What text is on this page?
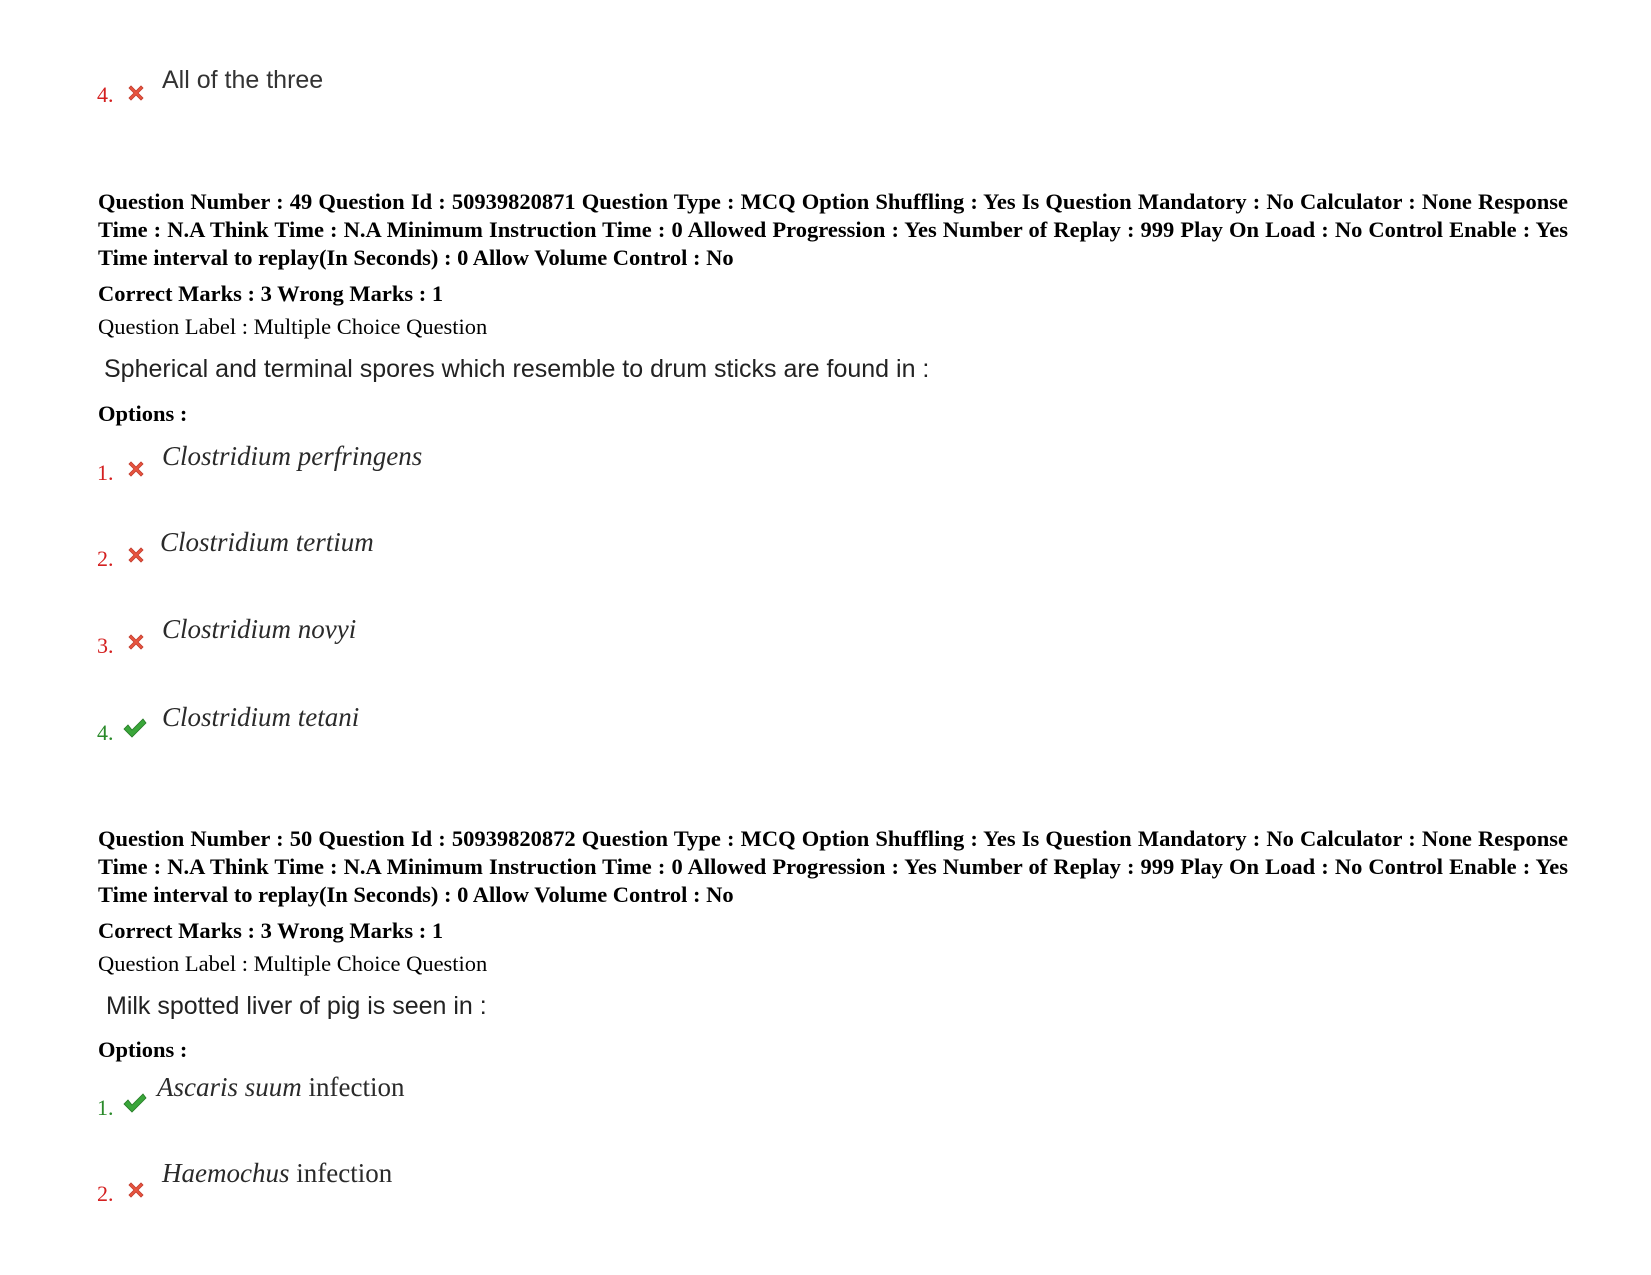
4.
All of the three
Question Number : 49 Question Id : 50939820871 Question Type : MCQ Option Shuffling : Yes Is Question Mandatory : No Calculator : None Response Time : N.A Think Time : N.A Minimum Instruction Time : 0 Allowed Progression : Yes Number of Replay : 999 Play On Load : No Control Enable : Yes Time interval to replay(In Seconds) : 0 Allow Volume Control : No
Correct Marks : 3 Wrong Marks : 1
Question Label : Multiple Choice Question
Spherical and terminal spores which resemble to drum sticks are found in :
Options :
1.
Clostridium perfringens
2.
Clostridium tertium
3.
Clostridium novyi
4.
Clostridium tetani
Question Number : 50 Question Id : 50939820872 Question Type : MCQ Option Shuffling : Yes Is Question Mandatory : No Calculator : None Response Time : N.A Think Time : N.A Minimum Instruction Time : 0 Allowed Progression : Yes Number of Replay : 999 Play On Load : No Control Enable : Yes Time interval to replay(In Seconds) : 0 Allow Volume Control : No
Correct Marks : 3 Wrong Marks : 1
Question Label : Multiple Choice Question
Milk spotted liver of pig is seen in :
Options :
1.
Ascaris suum infection
2.
Haemochus infection
